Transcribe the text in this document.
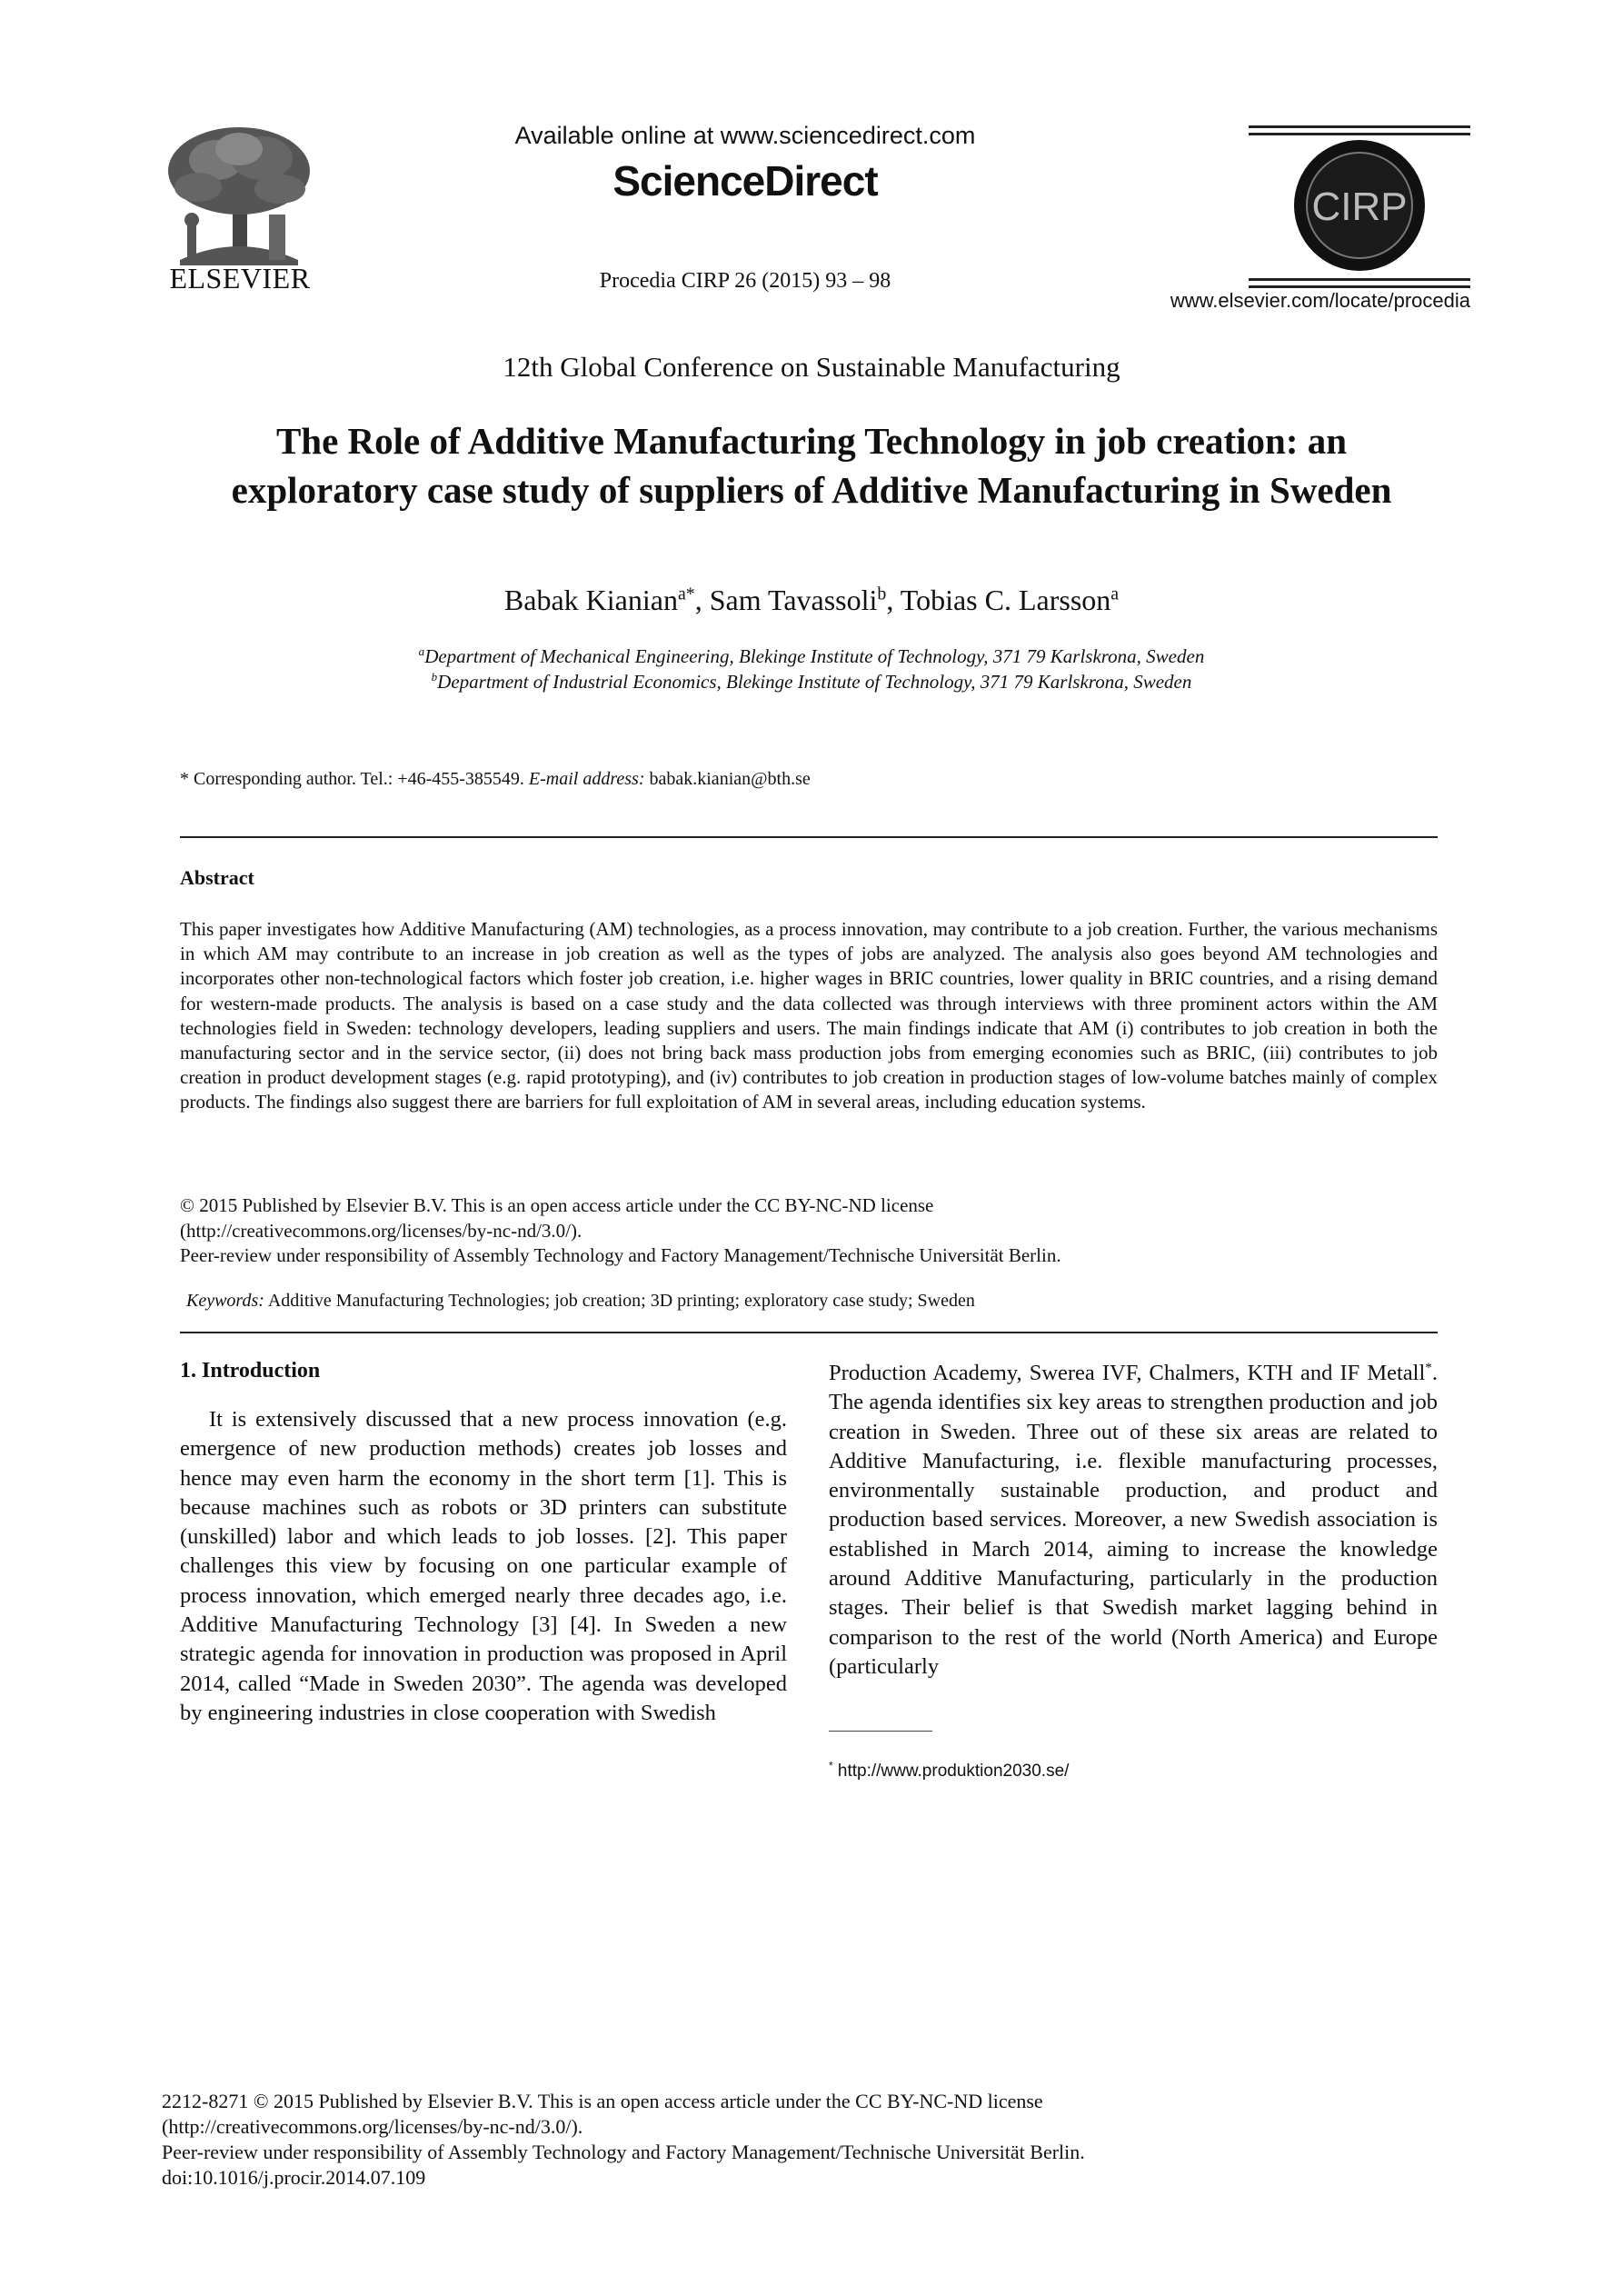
ELSEVIER
Available online at www.sciencedirect.com
ScienceDirect
Procedia CIRP 26 (2015) 93 – 98
CIRP
www.elsevier.com/locate/procedia
12th Global Conference on Sustainable Manufacturing
The Role of Additive Manufacturing Technology in job creation: an exploratory case study of suppliers of Additive Manufacturing in Sweden
Babak Kianian$^{a*}$, Sam Tavassoli$^b$, Tobias C. Larsson$^a$
$^a$Department of Mechanical Engineering, Blekinge Institute of Technology, 371 79 Karlskrona, Sweden
$^b$Department of Industrial Economics, Blekinge Institute of Technology, 371 79 Karlskrona, Sweden
* Corresponding author. Tel.: +46-455-385549. E-mail address: babak.kianian@bth.se
Abstract
This paper investigates how Additive Manufacturing (AM) technologies, as a process innovation, may contribute to a job creation. Further, the various mechanisms in which AM may contribute to an increase in job creation as well as the types of jobs are analyzed. The analysis also goes beyond AM technologies and incorporates other non-technological factors which foster job creation, i.e. higher wages in BRIC countries, lower quality in BRIC countries, and a rising demand for western-made products. The analysis is based on a case study and the data collected was through interviews with three prominent actors within the AM technologies field in Sweden: technology developers, leading suppliers and users. The main findings indicate that AM (i) contributes to job creation in both the manufacturing sector and in the service sector, (ii) does not bring back mass production jobs from emerging economies such as BRIC, (iii) contributes to job creation in product development stages (e.g. rapid prototyping), and (iv) contributes to job creation in production stages of low-volume batches mainly of complex products. The findings also suggest there are barriers for full exploitation of AM in several areas, including education systems.
© 2015 Published by Elsevier B.V. This is an open access article under the CC BY-NC-ND license
(http://creativecommons.org/licenses/by-nc-nd/3.0/).
Peer-review under responsibility of Assembly Technology and Factory Management/Technische Universität Berlin.
Keywords: Additive Manufacturing Technologies; job creation; 3D printing; exploratory case study; Sweden
1. Introduction

It is extensively discussed that a new process innovation (e.g. emergence of new production methods) creates job losses and hence may even harm the economy in the short term [1]. This is because machines such as robots or 3D printers can substitute (unskilled) labor and which leads to job losses. [2]. This paper challenges this view by focusing on one particular example of process innovation, which emerged nearly three decades ago, i.e. Additive Manufacturing Technology [3] [4]. In Sweden a new strategic agenda for innovation in production was proposed in April 2014, called “Made in Sweden 2030”. The agenda was developed by engineering industries in close cooperation with Swedish

Production Academy, Swerea IVF, Chalmers, KTH and IF Metall*. The agenda identifies six key areas to strengthen production and job creation in Sweden. Three out of these six areas are related to Additive Manufacturing, i.e. flexible manufacturing processes, environmentally sustainable production, and product and production based services. Moreover, a new Swedish association is established in March 2014, aiming to increase the knowledge around Additive Manufacturing, particularly in the production stages. Their belief is that Swedish market lagging behind in comparison to the rest of the world (North America) and Europe (particularly

* http://www.produktion2030.se/
2212-8271 © 2015 Published by Elsevier B.V. This is an open access article under the CC BY-NC-ND license
(http://creativecommons.org/licenses/by-nc-nd/3.0/).
Peer-review under responsibility of Assembly Technology and Factory Management/Technische Universität Berlin.
doi:10.1016/j.procir.2014.07.109
